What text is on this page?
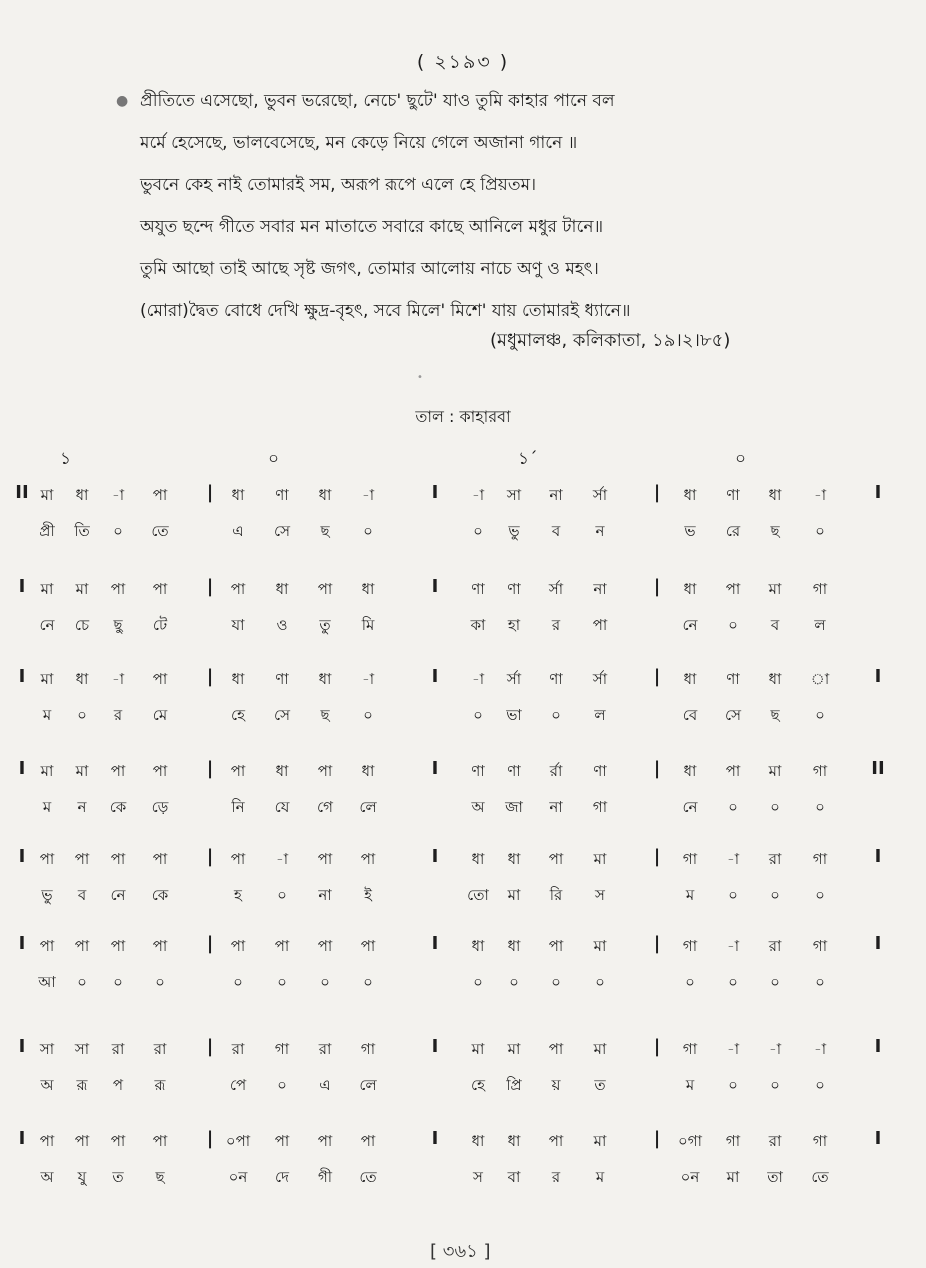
( ২১৯৩ )
● প্রীতিতে এসেছো, ভুবন ভরেছো, নেচে' ছুটে' যাও তুমি কাহার পানে বল

মর্মে হেসেছে, ভালবেসেছে, মন কেড়ে নিয়ে গেলে অজানা গানে ॥

ভুবনে কেহ নাই তোমারই সম, অরূপ রূপে এলে হে প্রিয়তম।

অযুত ছন্দে গীতে সবার মন মাতাতে সবারে কাছে আনিলে মধুর টানে॥

তুমি আছো তাই আছে সৃষ্ট জগৎ, তোমার আলোয় নাচে অণু ও মহৎ।

(মোরা)দ্বৈত বোধে দেখি ক্ষুদ্র-বৃহৎ, সবে মিলে' মিশে' যায় তোমারই ধ্যানে॥

(মধুমালঞ্চ, কলিকাতা, ১৯।২।৮৫)
•
তাল : কাহারবা
১	০	১´	০
II	|	I	|	I
মা	ধা	-া	পা	ধা	ণা	ধা	-া	-া	সা	না	র্সা	ধা	ণা	ধা	-া
প্রী	তি	০	তে	এ	সে	ছ	০	০	ভু	ব	ন	ভ	রে	ছ	০
I	|	I	|
মা	মা	পা	পা	পা	ধা	পা	ধা	ণা	ণা	র্সা	না	ধা	পা	মা	গা
নে	চে	ছু	টে	যা	ও	তু	মি	কা	হা	র	পা	নে	০	ব	ল
I	|	I	|	I
মা	ধা	-া	পা	ধা	ণা	ধা	-া	-া	র্সা	ণা	র্সা	ধা	ণা	ধা	া
ম	০	র	মে	হে	সে	ছ	০	০	ভা	০	ল	বে	সে	ছ	০
I	|	I	|	II
মা	মা	পা	পা	পা	ধা	পা	ধা	ণা	ণা	র্রা	ণা	ধা	পা	মা	গা
ম	ন	কে	ড়ে	নি	যে	গে	লে	অ	জা	না	গা	নে	০	০	০
I	|	I	|	I
পা	পা	পা	পা	পা	-া	পা	পা	ধা	ধা	পা	মা	গা	-া	রা	গা
ভু	ব	নে	কে	হ	০	না	ই	তো	মা	রি	স	ম	০	০	০
I	|	I	|	I
পা	পা	পা	পা	পা	পা	পা	পা	ধা	ধা	পা	মা	গা	-া	রা	গা
আ	০	০	০	০	০	০	০	০	০	০	০	০	০	০	০
I	|	I	|	I
সা	সা	রা	রা	রা	গা	রা	গা	মা	মা	পা	মা	গা	-া	-া	-া
অ	রূ	প	রূ	পে	০	এ	লে	হে	প্রি	য়	ত	ম	০	০	০
I	|	I	|	I
পা	পা	পা	পা	০পা	পা	পা	পা	ধা	ধা	পা	মা	০গা	গা	রা	গা
অ	যু	ত	ছ	০ন	দে	গী	তে	স	বা	র	ম	০ন	মা	তা	তে
[ ৩৬১ ]
